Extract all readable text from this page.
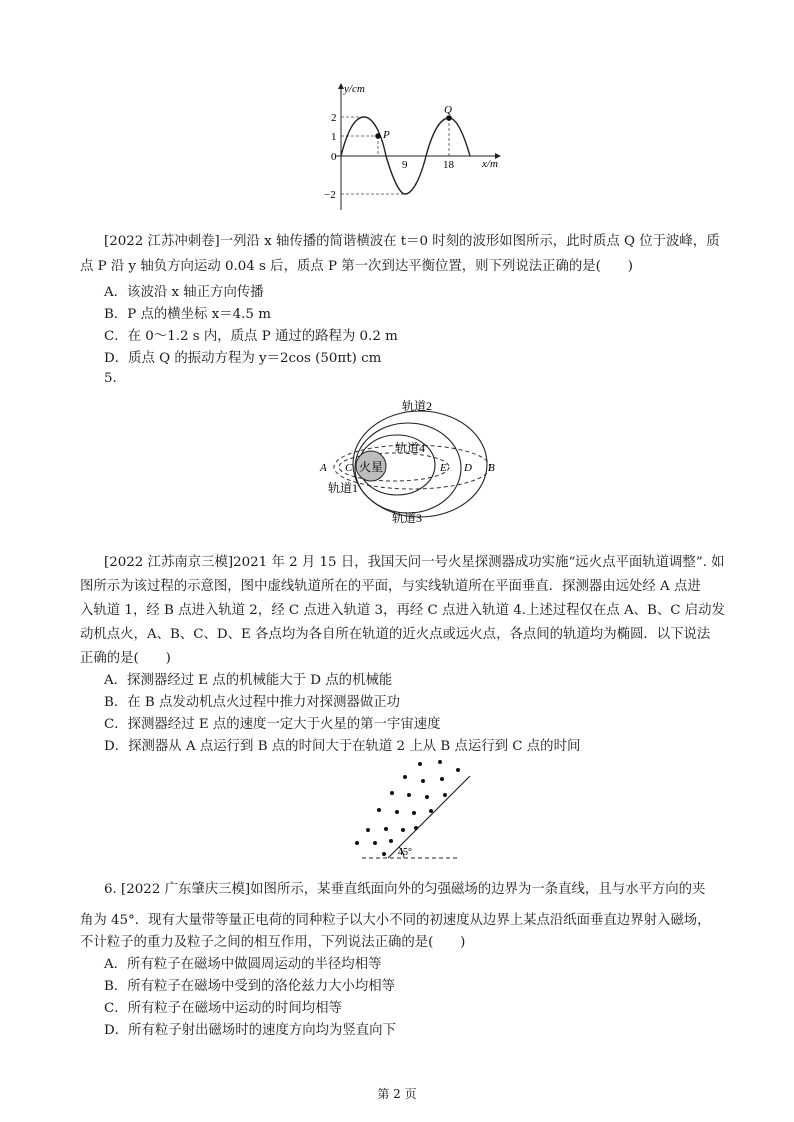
y/cm
x/m
2
1
0
−2
9	18
P
Q
[2022 江苏冲刺卷]一列沿 x 轴传播的简谐横波在 t＝0 时刻的波形如图所示，此时质点 Q 位于波峰，质
点 P 沿 y 轴负方向运动 0.04 s 后，质点 P 第一次到达平衡位置，则下列说法正确的是(　　)
A．该波沿 x 轴正方向传播
B．P 点的横坐标 x＝4.5 m
C．在 0～1.2 s 内，质点 P 通过的路程为 0.2 m
D．质点 Q 的振动方程为 y＝2cos (50πt) cm
5.
火星
轨道2
轨道4
轨道1
轨道3
A C	E D B
[2022 江苏南京三模]2021 年 2 月 15 日，我国天问一号火星探测器成功实施“远火点平面轨道调整”. 如
图所示为该过程的示意图，图中虚线轨道所在的平面，与实线轨道所在平面垂直．探测器由远处经 A 点进
入轨道 1，经 B 点进入轨道 2，经 C 点进入轨道 3，再经 C 点进入轨道 4.上述过程仅在点 A、B、C 启动发
动机点火，A、B、C、D、E 各点均为各自所在轨道的近火点或远火点，各点间的轨道均为椭圆．以下说法
正确的是(　　)
A．探测器经过 E 点的机械能大于 D 点的机械能
B．在 B 点发动机点火过程中推力对探测器做正功
C．探测器经过 E 点的速度一定大于火星的第一宇宙速度
D．探测器从 A 点运行到 B 点的时间大于在轨道 2 上从 B 点运行到 C 点的时间
45°
6. [2022 广东肇庆三模]如图所示，某垂直纸面向外的匀强磁场的边界为一条直线，且与水平方向的夹
角为 45°．现有大量带等量正电荷的同种粒子以大小不同的初速度从边界上某点沿纸面垂直边界射入磁场，
不计粒子的重力及粒子之间的相互作用，下列说法正确的是(　　)
A．所有粒子在磁场中做圆周运动的半径均相等
B．所有粒子在磁场中受到的洛伦兹力大小均相等
C．所有粒子在磁场中运动的时间均相等
D．所有粒子射出磁场时的速度方向均为竖直向下
第 2 页
